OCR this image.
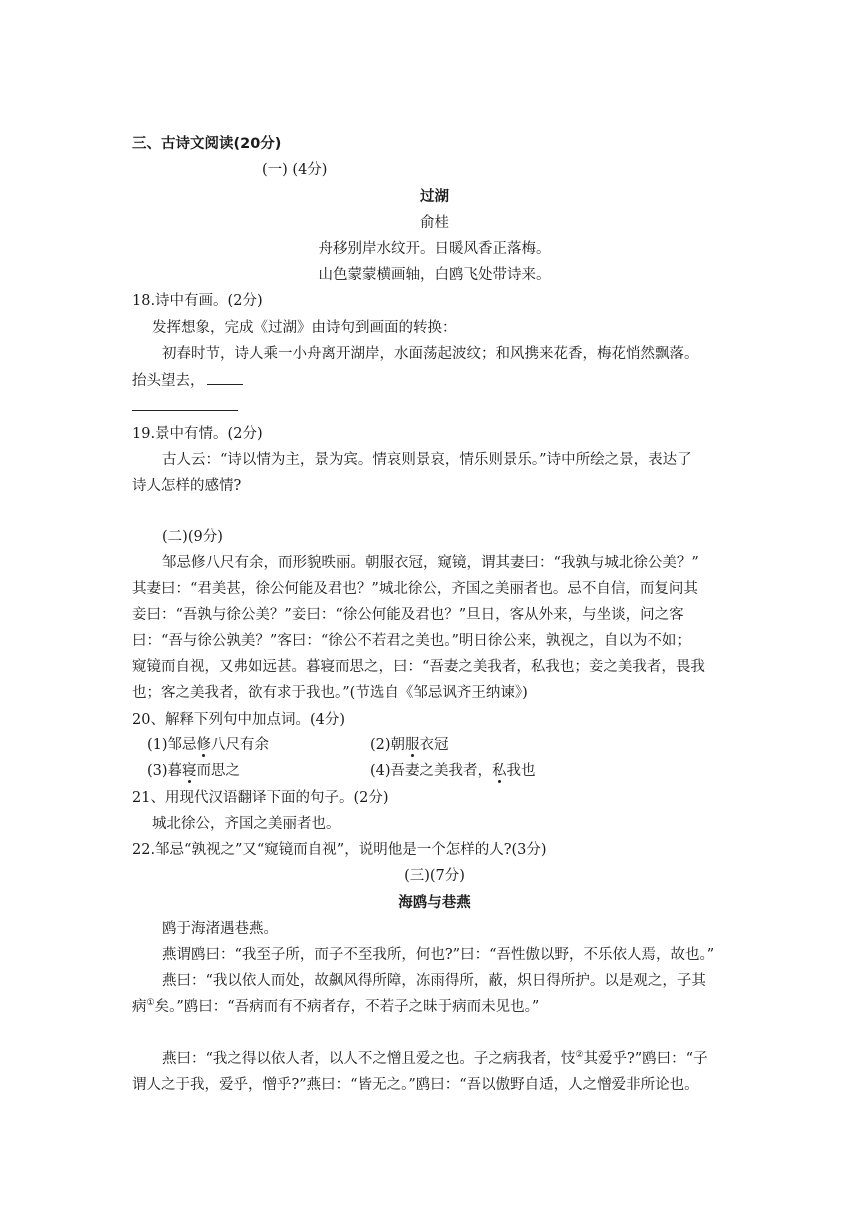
三、古诗文阅读(20分)
(一) (4分)
过湖
俞桂
舟移别岸水纹开。日暖风香正落梅。
山色蒙蒙横画轴，白鸥飞处带诗来。
18.诗中有画。(2分)
发挥想象，完成《过湖》由诗句到画面的转换：
初春时节，诗人乘一小舟离开湖岸，水面荡起波纹；和风携来花香，梅花悄然飘落。
抬头望去，
19.景中有情。(2分)
古人云：“诗以情为主，景为宾。情哀则景哀，情乐则景乐。”诗中所绘之景，表达了
诗人怎样的感情?
(二)(9分)
邹忌修八尺有余，而形貌昳丽。朝服衣冠，窥镜，谓其妻曰：“我孰与城北徐公美？”
其妻曰：“君美甚，徐公何能及君也？”城北徐公，齐国之美丽者也。忌不自信，而复问其
妾曰：“吾孰与徐公美？”妾曰：“徐公何能及君也？”旦日，客从外来，与坐谈，问之客
曰：“吾与徐公孰美？”客曰：“徐公不若君之美也。”明日徐公来，孰视之，自以为不如；
窥镜而自视，又弗如远甚。暮寝而思之，曰：“吾妻之美我者，私我也；妾之美我者，畏我
也；客之美我者，欲有求于我也。”(节选自《邹忌讽齐王纳谏》)
20、解释下列句中加点词。(4分)
(1)邹忌修八尺有余	(2)朝服衣冠
(3)暮寝而思之	(4)吾妻之美我者，私我也
21、用现代汉语翻译下面的句子。(2分)
城北徐公，齐国之美丽者也。
22.邹忌“孰视之”又“窥镜而自视”，说明他是一个怎样的人?(3分)
(三)(7分)
海鸥与巷燕
鸥于海渚遇巷燕。
燕谓鸥曰：“我至子所，而子不至我所，何也?”曰：“吾性傲以野，不乐依人焉，故也。”
燕曰：“我以依人而处，故飙风得所障，冻雨得所，蔽，炽日得所护。以是观之，子其
病①矣。”鸥曰：“吾病而有不病者存，不若子之昧于病而未见也。”
燕曰：“我之得以依人者，以人不之憎且爱之也。子之病我者，忮②其爱乎?”鸥曰：“子
谓人之于我，爱乎，憎乎?”燕曰：“皆无之。”鸥曰：“吾以傲野自适，人之憎爱非所论也。
